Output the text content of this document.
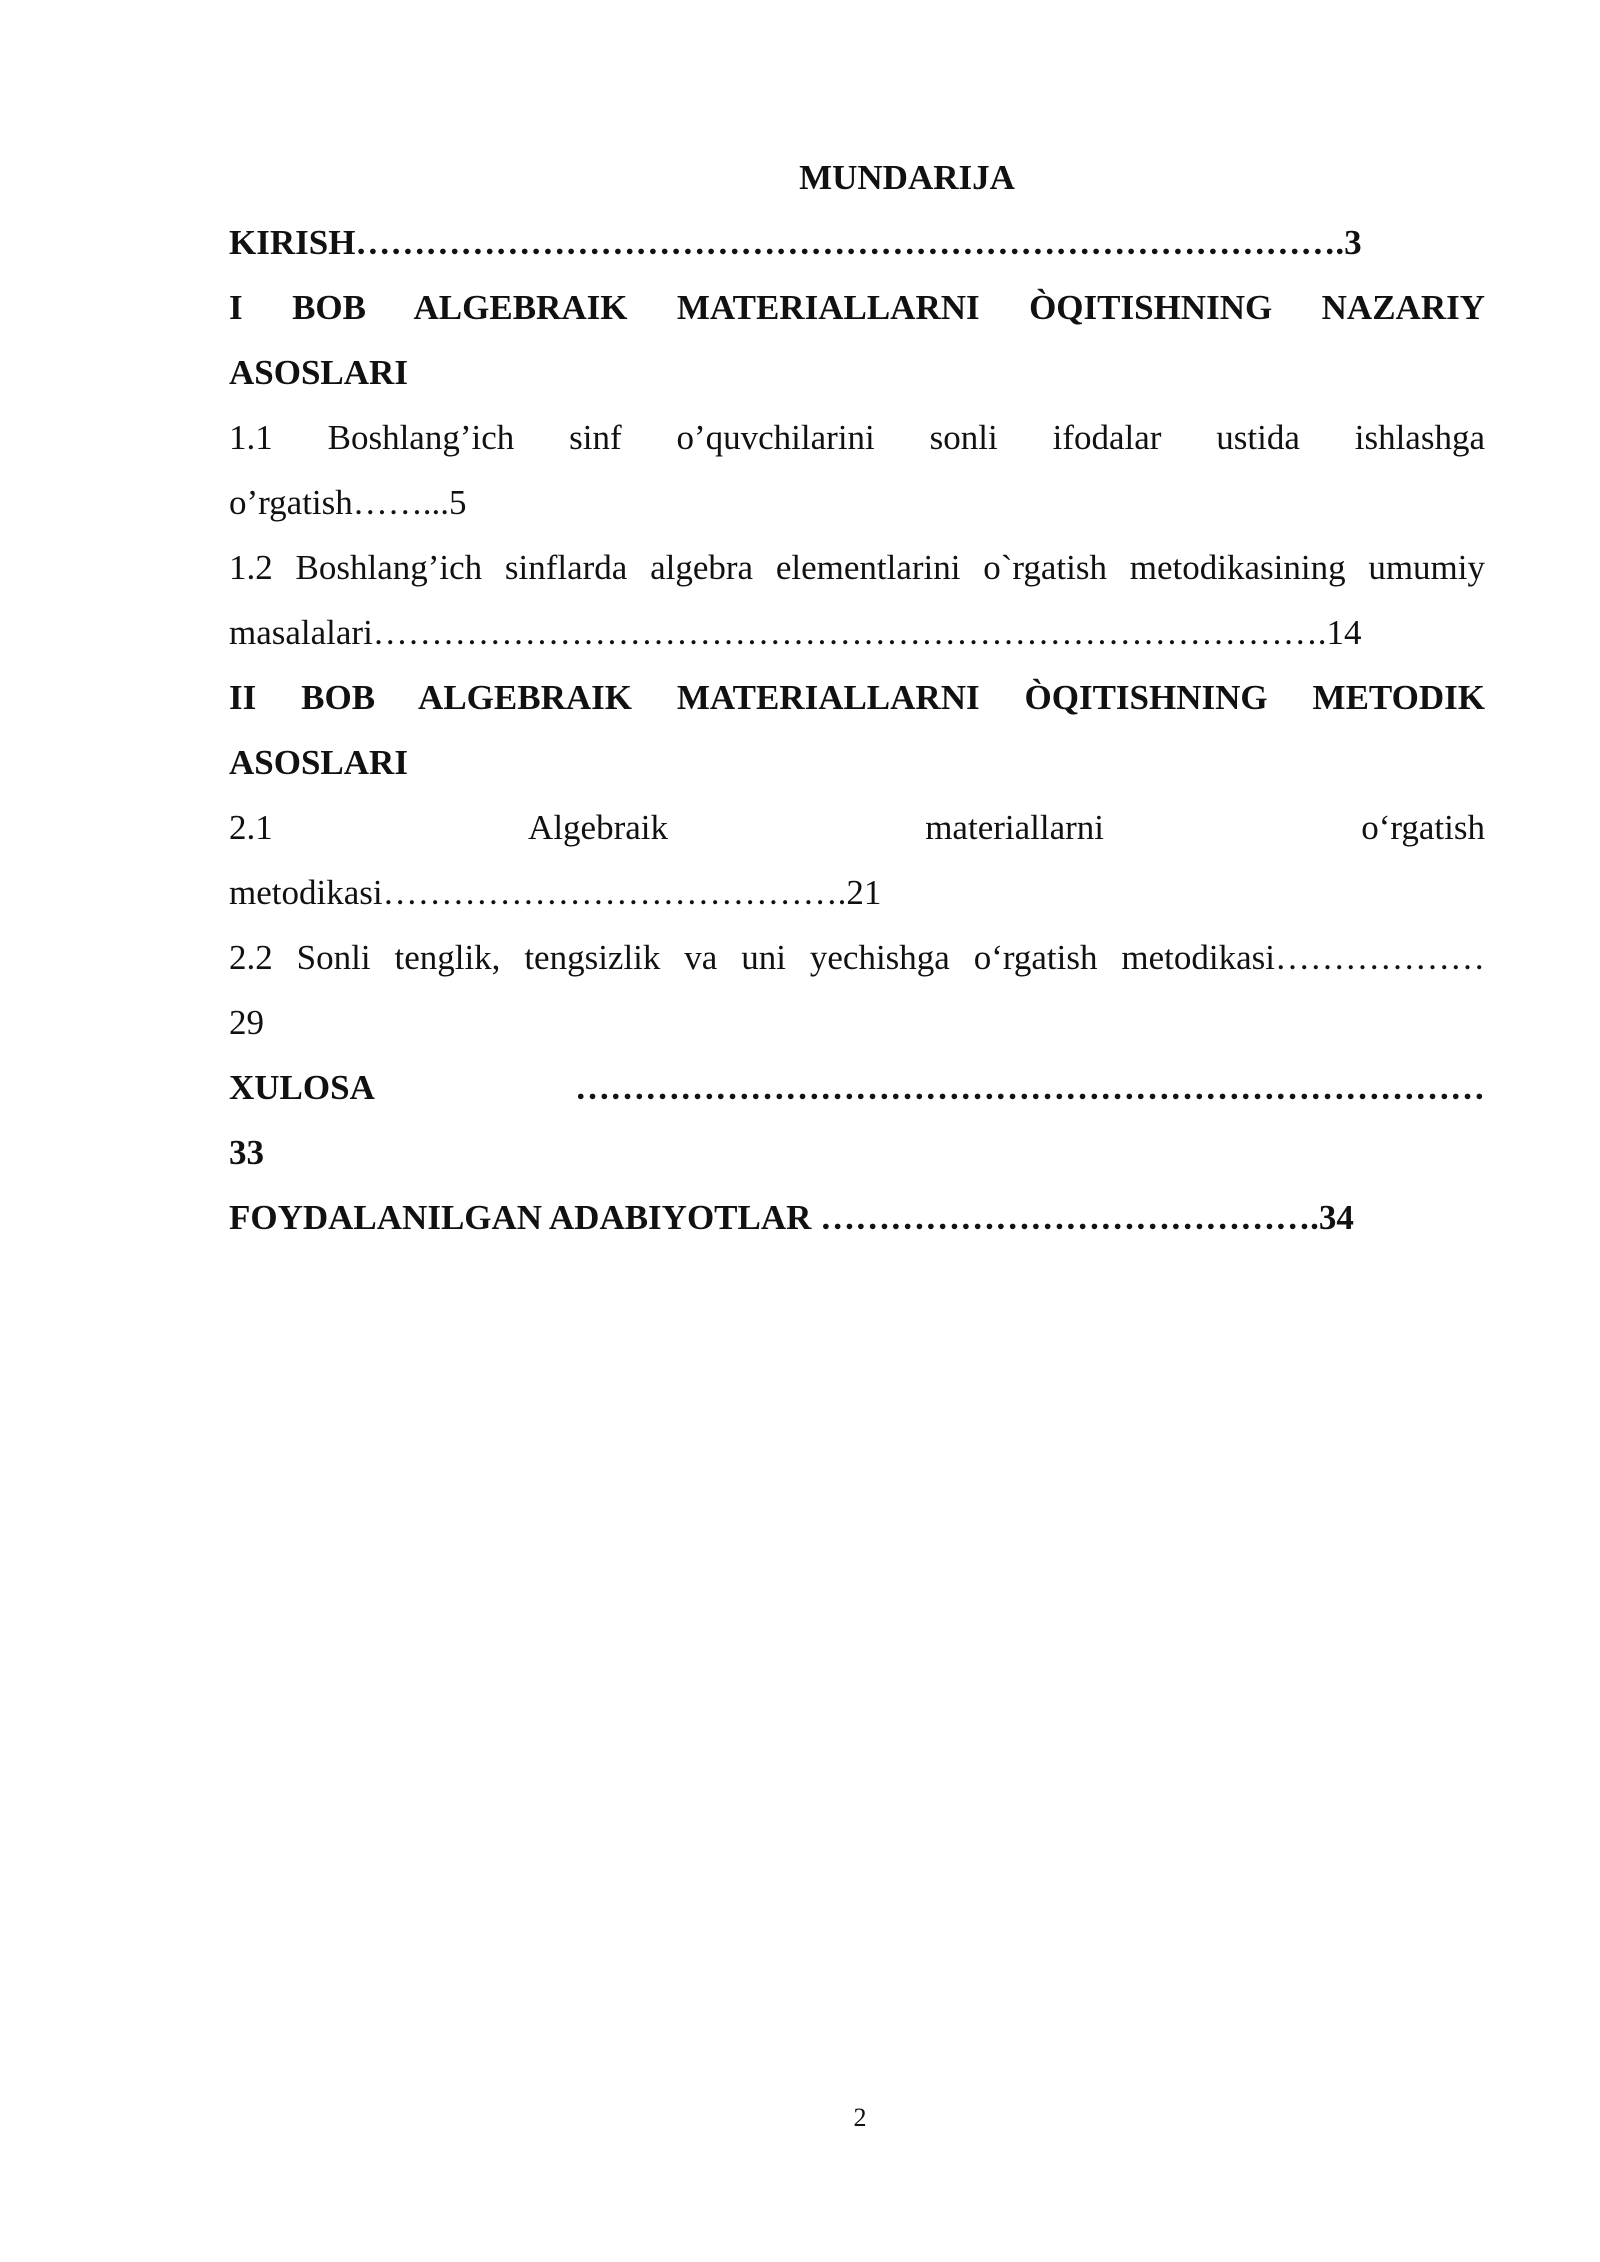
MUNDARIJA

KIRISH………………………………………………………………………….3

I BOB ALGEBRAIK MATERIALLARNI ÒQITISHNING NAZARIY
ASOSLARI

1.1 Boshlang’ich sinf o’quvchilarini sonli ifodalar ustida ishlashga
o’rgatish……...5

1.2 Boshlang’ich sinflarda algebra elementlarini o`rgatish metodikasining umumiy
masalalari……………………………………………………………………….14

II BOB ALGEBRAIK MATERIALLARNI ÒQITISHNING METODIK
ASOSLARI

2.1 Algebraik materiallarni o‘rgatish
metodikasi………………………………….21

2.2 Sonli tenglik, tengsizlik va uni yechishga o‘rgatish metodikasi………………
29

XULOSA ……………………………………………………………………
33

FOYDALANILGAN ADABIYOTLAR …………………………………….34

2
